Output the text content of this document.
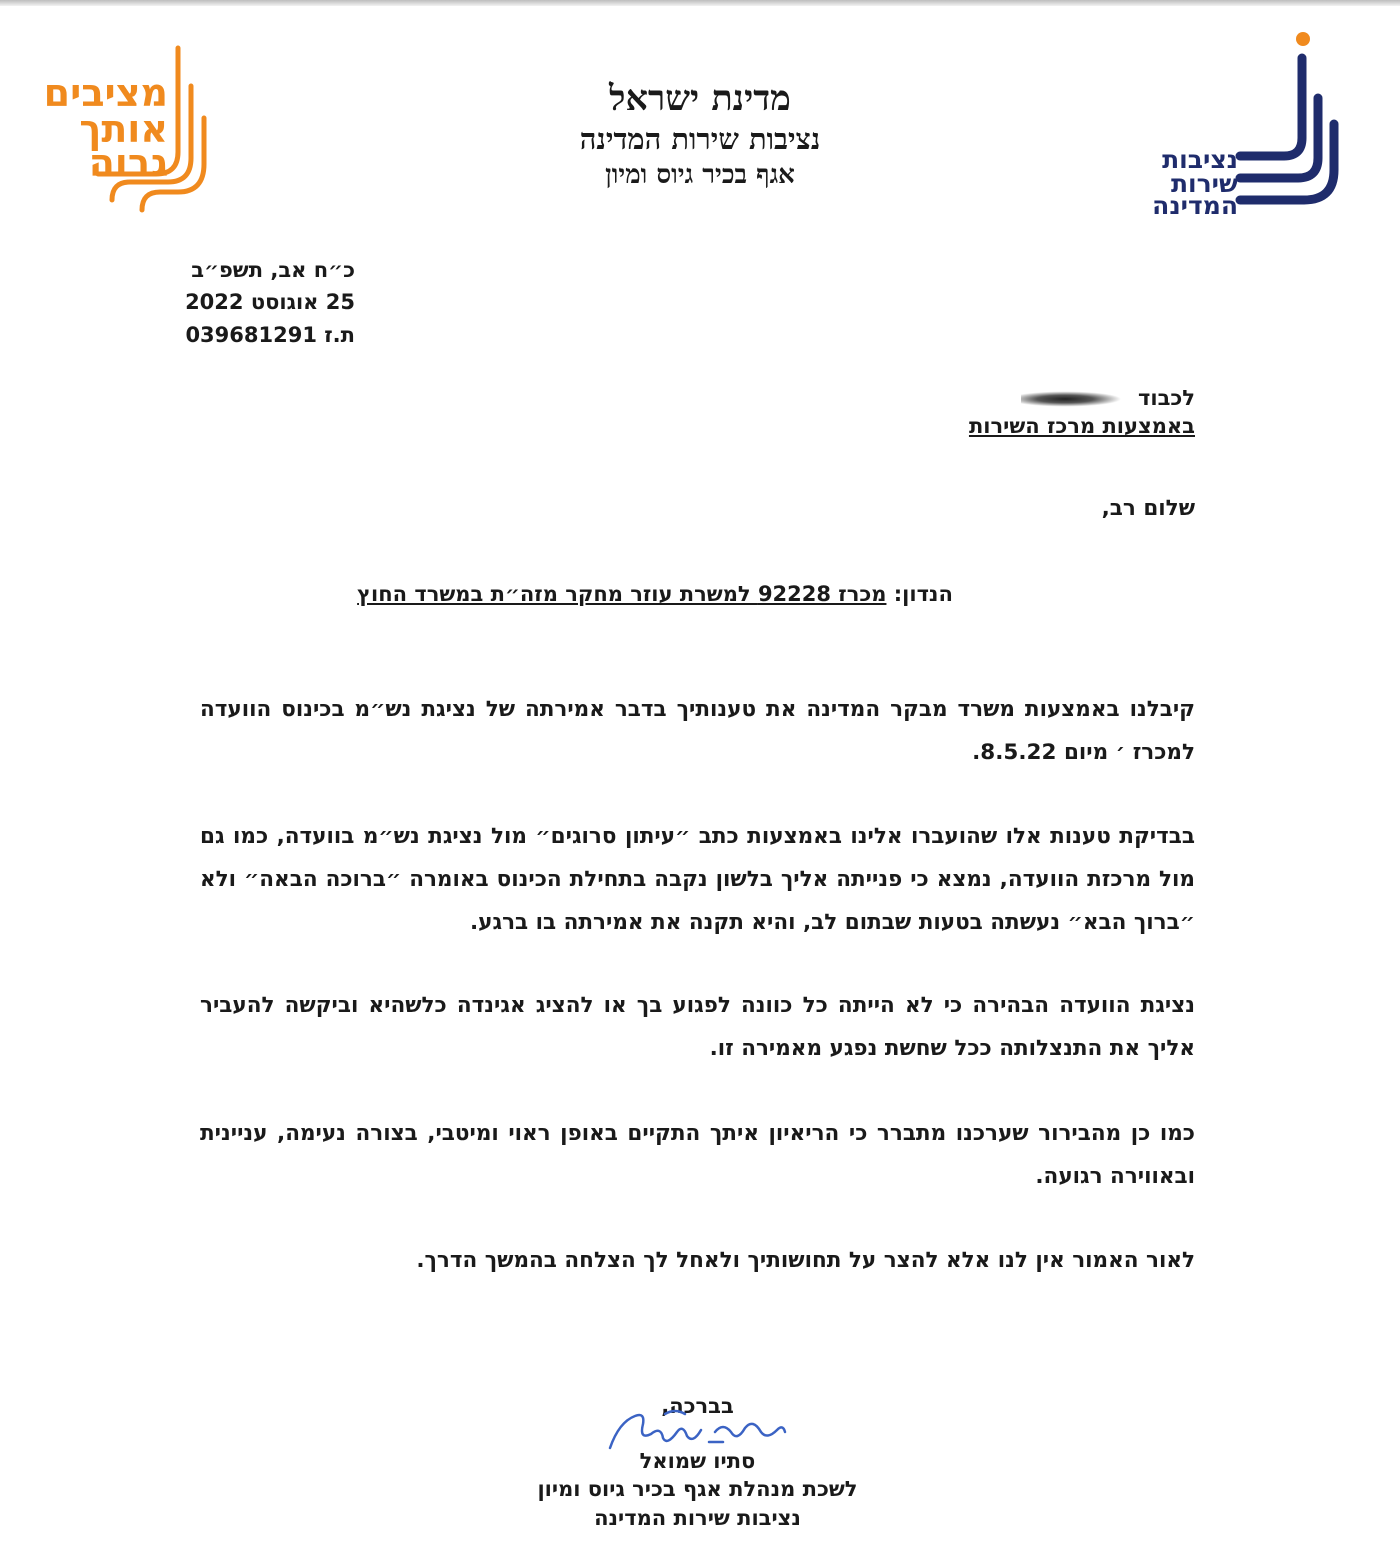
מציבים
אותך
גבוה	נציבות
שירות
המדינה
מדינת ישראל
נציבות שירות המדינה
אגף בכיר גיוס ומיון
כ״ח אב, תשפ״ב
25 אוגוסט 2022
ת.ז 039681291
לכבוד
באמצעות מרכז השירות
שלום רב,
הנדון: מכרז 92228 למשרת עוזר מחקר מזה״ת במשרד החוץ
קיבלנו באמצעות משרד מבקר המדינה את טענותיך בדבר אמירתה של נציגת נש״מ בכינוס הוועדה
למכרז ׳ מיום 8.5.22.
בבדיקת טענות אלו שהועברו אלינו באמצעות כתב ״עיתון סרוגים״ מול נציגת נש״מ בוועדה, כמו גם מול מרכזת הוועדה, נמצא כי פנייתה אליך בלשון נקבה בתחילת הכינוס באומרה ״ברוכה הבאה״ ולא ״ברוך הבא״ נעשתה בטעות שבתום לב, והיא תקנה את אמירתה בו ברגע.
נציגת הוועדה הבהירה כי לא הייתה כל כוונה לפגוע בך או להציג אגינדה כלשהיא וביקשה להעביר אליך את התנצלותה ככל שחשת נפגע מאמירה זו.
כמו כן מהבירור שערכנו מתברר כי הריאיון איתך התקיים באופן ראוי ומיטבי, בצורה נעימה, עניינית ובאווירה רגועה.
לאור האמור אין לנו אלא להצר על תחושותיך ולאחל לך הצלחה בהמשך הדרך.
בברכה,
סתיו שמואל
לשכת מנהלת אגף בכיר גיוס ומיון
נציבות שירות המדינה
